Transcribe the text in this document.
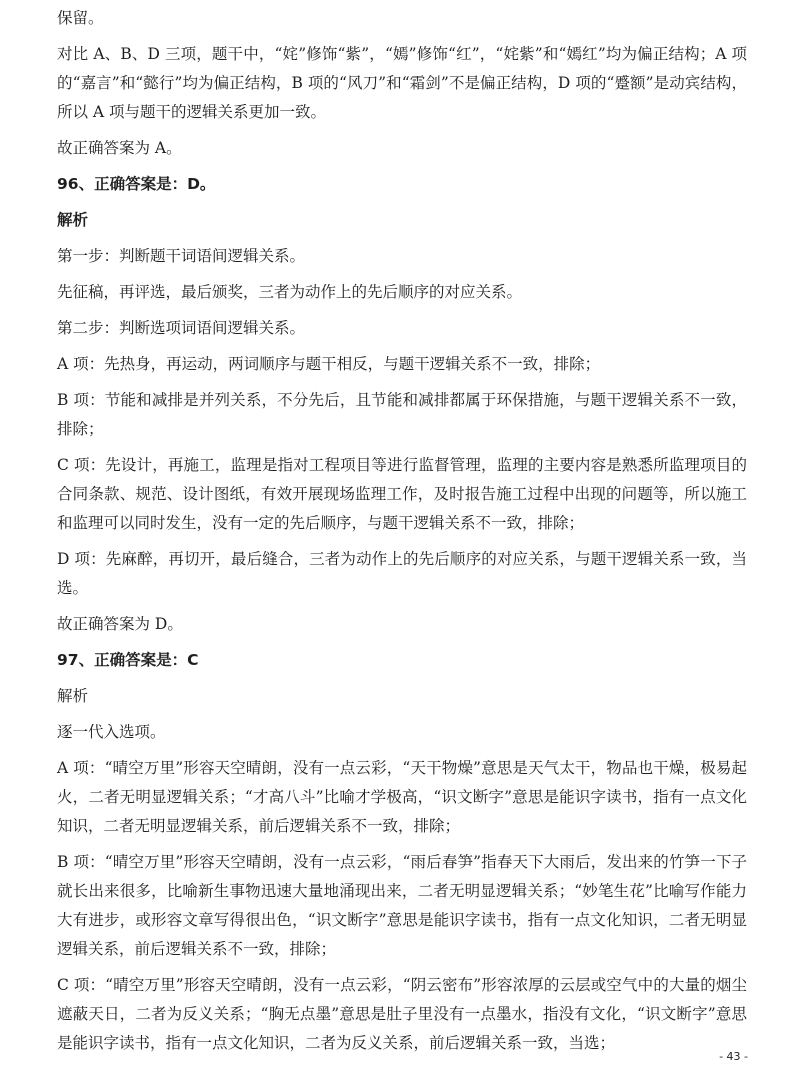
保留。

对比 A、B、D 三项，题干中，“姹”修饰“紫”，“嫣”修饰“红”，“姹紫”和“嫣红”均为偏正结构；A 项的“嘉言”和“懿行”均为偏正结构，B 项的“风刀”和“霜剑”不是偏正结构，D 项的“蹙额”是动宾结构，所以 A 项与题干的逻辑关系更加一致。

故正确答案为 A。

96、正确答案是：D。

解析

第一步：判断题干词语间逻辑关系。

先征稿，再评选，最后颁奖，三者为动作上的先后顺序的对应关系。

第二步：判断选项词语间逻辑关系。

A 项：先热身，再运动，两词顺序与题干相反，与题干逻辑关系不一致，排除；

B 项：节能和减排是并列关系，不分先后，且节能和减排都属于环保措施，与题干逻辑关系不一致，排除；

C 项：先设计，再施工，监理是指对工程项目等进行监督管理，监理的主要内容是熟悉所监理项目的合同条款、规范、设计图纸，有效开展现场监理工作，及时报告施工过程中出现的问题等，所以施工和监理可以同时发生，没有一定的先后顺序，与题干逻辑关系不一致，排除；

D 项：先麻醉，再切开，最后缝合，三者为动作上的先后顺序的对应关系，与题干逻辑关系一致，当选。

故正确答案为 D。

97、正确答案是：C

解析

逐一代入选项。

A 项：“晴空万里”形容天空晴朗，没有一点云彩，“天干物燥”意思是天气太干，物品也干燥，极易起火，二者无明显逻辑关系；“才高八斗”比喻才学极高，“识文断字”意思是能识字读书，指有一点文化知识，二者无明显逻辑关系，前后逻辑关系不一致，排除；

B 项：“晴空万里”形容天空晴朗，没有一点云彩，“雨后春笋”指春天下大雨后，发出来的竹笋一下子就长出来很多，比喻新生事物迅速大量地涌现出来，二者无明显逻辑关系；“妙笔生花”比喻写作能力大有进步，或形容文章写得很出色，“识文断字”意思是能识字读书，指有一点文化知识，二者无明显逻辑关系，前后逻辑关系不一致，排除；

C 项：“晴空万里”形容天空晴朗，没有一点云彩，“阴云密布”形容浓厚的云层或空气中的大量的烟尘遮蔽天日，二者为反义关系；“胸无点墨”意思是肚子里没有一点墨水，指没有文化，“识文断字”意思是能识字读书，指有一点文化知识，二者为反义关系，前后逻辑关系一致，当选；

- 43 -
